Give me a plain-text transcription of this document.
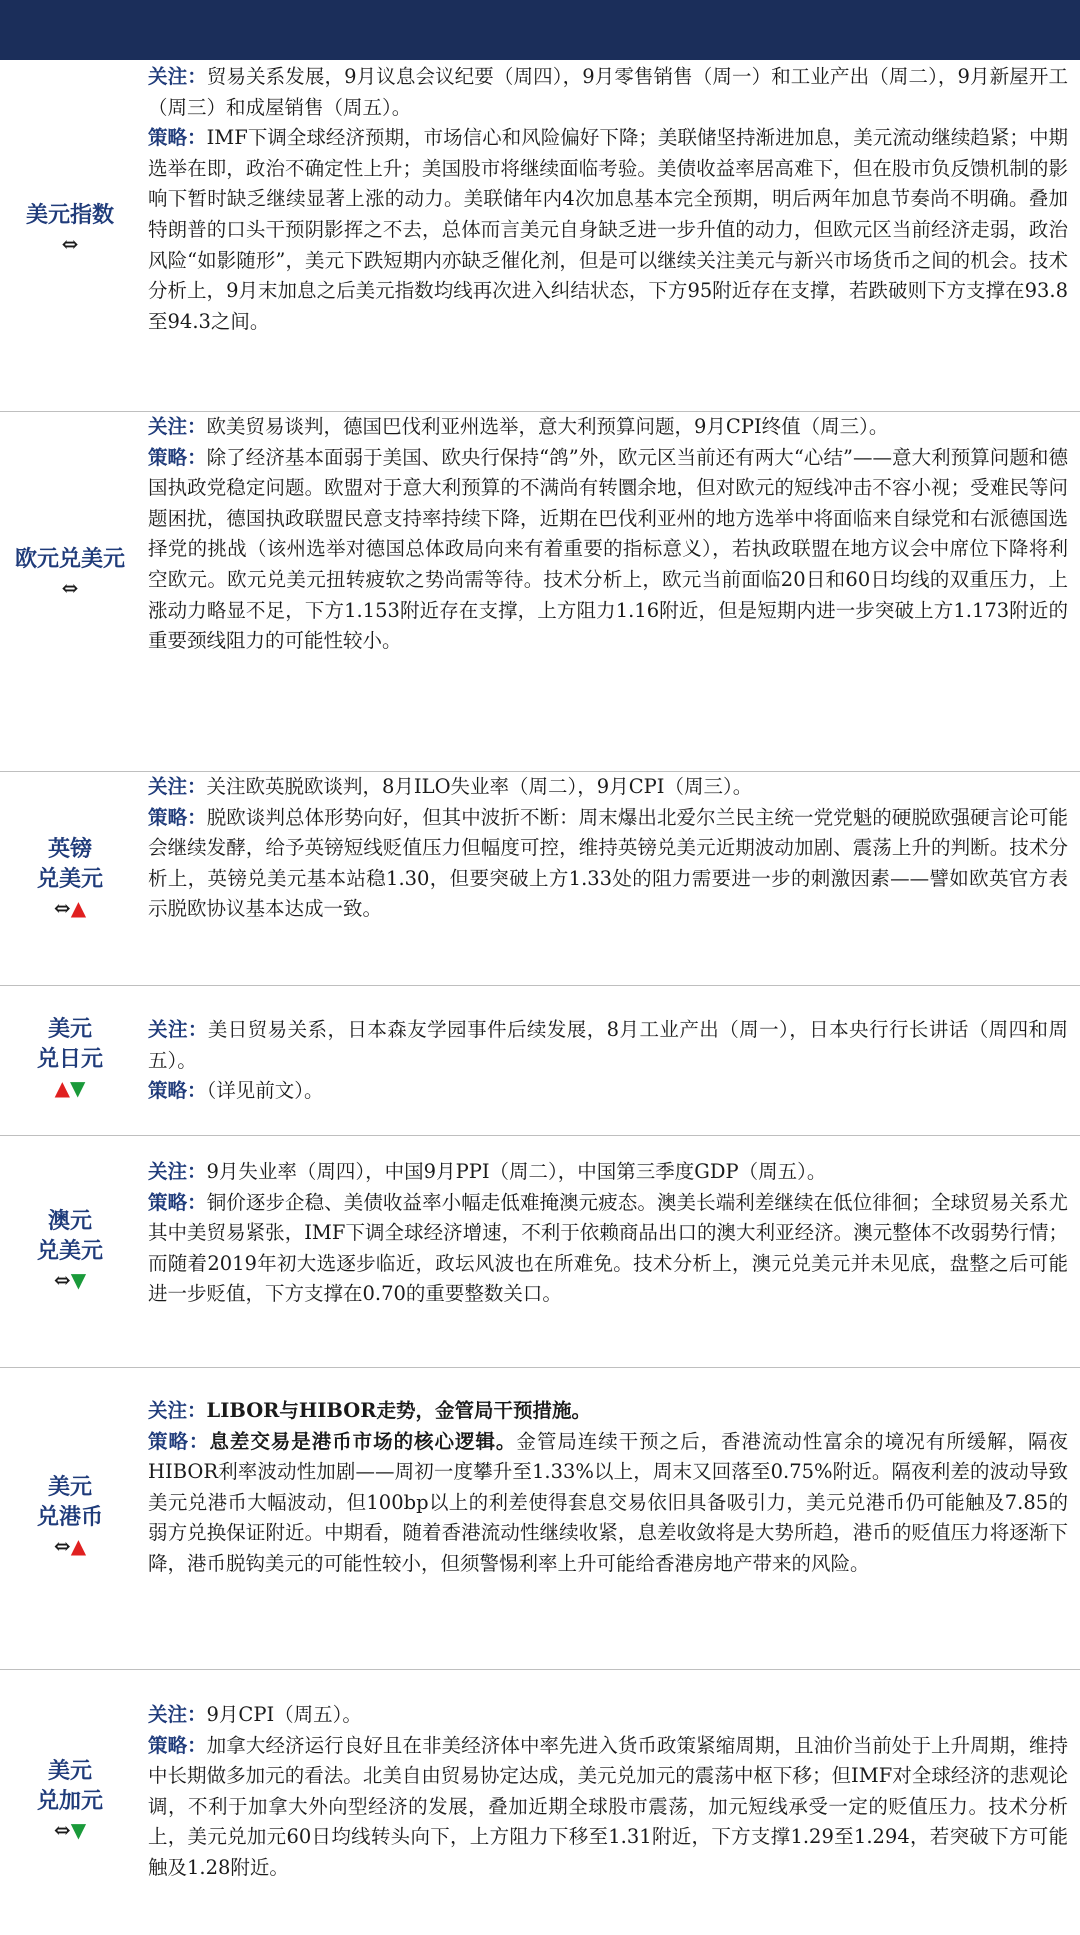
美元指数
⇔

关注：贸易关系发展，9月议息会议纪要（周四），9月零售销售（周一）和工业产出（周二），9月新屋开工（周三）和成屋销售（周五）。

策略：IMF下调全球经济预期，市场信心和风险偏好下降；美联储坚持渐进加息，美元流动继续趋紧；中期选举在即，政治不确定性上升；美国股市将继续面临考验。美债收益率居高难下，但在股市负反馈机制的影响下暂时缺乏继续显著上涨的动力。美联储年内4次加息基本完全预期，明后两年加息节奏尚不明确。叠加特朗普的口头干预阴影挥之不去，总体而言美元自身缺乏进一步升值的动力，但欧元区当前经济走弱，政治风险“如影随形”，美元下跌短期内亦缺乏催化剂，但是可以继续关注美元与新兴市场货币之间的机会。技术分析上，9月末加息之后美元指数均线再次进入纠结状态，下方95附近存在支撑，若跌破则下方支撑在93.8至94.3之间。

欧元兑美元
⇔

关注：欧美贸易谈判，德国巴伐利亚州选举，意大利预算问题，9月CPI终值（周三）。

策略：除了经济基本面弱于美国、欧央行保持“鸽”外，欧元区当前还有两大“心结”——意大利预算问题和德国执政党稳定问题。欧盟对于意大利预算的不满尚有转圜余地，但对欧元的短线冲击不容小视；受难民等问题困扰，德国执政联盟民意支持率持续下降，近期在巴伐利亚州的地方选举中将面临来自绿党和右派德国选择党的挑战（该州选举对德国总体政局向来有着重要的指标意义），若执政联盟在地方议会中席位下降将利空欧元。欧元兑美元扭转疲软之势尚需等待。技术分析上，欧元当前面临20日和60日均线的双重压力，上涨动力略显不足，下方1.153附近存在支撑，上方阻力1.16附近，但是短期内进一步突破上方1.173附近的重要颈线阻力的可能性较小。

英镑
兑美元
⇔▲

关注：关注欧英脱欧谈判，8月ILO失业率（周二），9月CPI（周三）。

策略：脱欧谈判总体形势向好，但其中波折不断：周末爆出北爱尔兰民主统一党党魁的硬脱欧强硬言论可能会继续发酵，给予英镑短线贬值压力但幅度可控，维持英镑兑美元近期波动加剧、震荡上升的判断。技术分析上，英镑兑美元基本站稳1.30，但要突破上方1.33处的阻力需要进一步的刺激因素——譬如欧英官方表示脱欧协议基本达成一致。

美元
兑日元
▲▼

关注：美日贸易关系，日本森友学园事件后续发展，8月工业产出（周一），日本央行行长讲话（周四和周五）。

策略：（详见前文）。

澳元
兑美元
⇔▼

关注：9月失业率（周四），中国9月PPI（周二），中国第三季度GDP（周五）。

策略：铜价逐步企稳、美债收益率小幅走低难掩澳元疲态。澳美长端利差继续在低位徘徊；全球贸易关系尤其中美贸易紧张，IMF下调全球经济增速，不利于依赖商品出口的澳大利亚经济。澳元整体不改弱势行情；而随着2019年初大选逐步临近，政坛风波也在所难免。技术分析上，澳元兑美元并未见底，盘整之后可能进一步贬值，下方支撑在0.70的重要整数关口。

美元
兑港币
⇔▲

关注：LIBOR与HIBOR走势，金管局干预措施。

策略：息差交易是港币市场的核心逻辑。金管局连续干预之后，香港流动性富余的境况有所缓解，隔夜HIBOR利率波动性加剧——周初一度攀升至1.33%以上，周末又回落至0.75%附近。隔夜利差的波动导致美元兑港币大幅波动，但100bp以上的利差使得套息交易依旧具备吸引力，美元兑港币仍可能触及7.85的弱方兑换保证附近。中期看，随着香港流动性继续收紧，息差收敛将是大势所趋，港币的贬值压力将逐渐下降，港币脱钩美元的可能性较小，但须警惕利率上升可能给香港房地产带来的风险。

美元
兑加元
⇔▼

关注：9月CPI（周五）。

策略：加拿大经济运行良好且在非美经济体中率先进入货币政策紧缩周期，且油价当前处于上升周期，维持中长期做多加元的看法。北美自由贸易协定达成，美元兑加元的震荡中枢下移；但IMF对全球经济的悲观论调，不利于加拿大外向型经济的发展，叠加近期全球股市震荡，加元短线承受一定的贬值压力。技术分析上，美元兑加元60日均线转头向下，上方阻力下移至1.31附近，下方支撑1.29至1.294，若突破下方可能触及1.28附近。
